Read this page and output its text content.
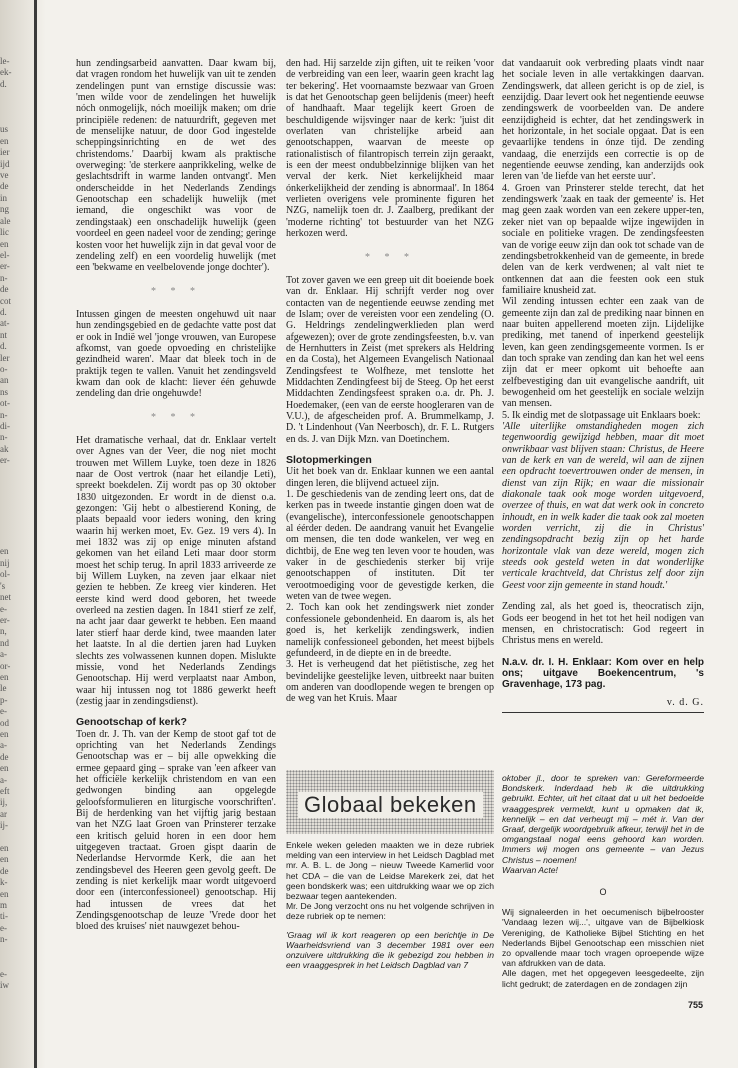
le-
ek-
d.

us
en
ier
ijd
ve
de
in
ng
ale
lic
en
el-
er-
n-
de
cot
d.
at-
nt
d.
ler
o-
an
ns
ot-
n-
di-
n-
ak
er-

en
nij
ol-
's
net
e-
er-
n,
nd
a-
or-
en
le
p-
e-
od
en
a-
de
en
a-
eft
ij,
ar
ij-

en
en
de
k-
en
m
ti-
e-
n-

e-
iw

hun zendingsarbeid aanvatten. Daar kwam bij, dat vragen rondom het huwelijk van uit te zenden zendelingen punt van ernstige discussie was: 'men wilde voor de zendelingen het huwelijk nóch onmogelijk, nóch moeilijk maken; om drie principiële redenen: de natuurdrift, gegeven met de menselijke natuur, de door God ingestelde scheppingsinrichting en de wet des christendoms.' Daarbij kwam als praktische overweging: 'de sterkere aanprikkeling, welke de geslachtsdrift in warme landen ontvangt'. Men onderscheidde in het Nederlands Zendings Genootschap een schadelijk huwelijk (met iemand, die ongeschikt was voor de zendingstaak) een onschadelijk huwelijk (geen voordeel en geen nadeel voor de zending; geringe kosten voor het huwelijk zijn in dat geval voor de zendeling zelf) en een voordelig huwelijk (met een 'bekwame en veelbelovende jonge dochter').

* * *

Intussen gingen de meesten ongehuwd uit naar hun zendingsgebied en de gedachte vatte post dat er ook in Indië wel 'jonge vrouwen, van Europese afkomst, van goede opvoeding en christelijke gezindheid waren'. Maar dat bleek toch in de praktijk tegen te vallen. Vanuit het zendingsveld kwam dan ook de klacht: liever één gehuwde zendeling dan drie ongehuwde!

* * *

Het dramatische verhaal, dat dr. Enklaar vertelt over Agnes van der Veer, die nog niet mocht trouwen met Willem Luyke, toen deze in 1826 naar de Oost vertrok (naar het eilandje Leti), spreekt boekdelen. Zij wordt pas op 30 oktober 1830 uitgezonden. Er wordt in de dienst o.a. gezongen: 'Gij hebt o albestierend Koning, de plaats bepaald voor ieders woning, den kring waarin hij werken moet, Ev. Gez. 19 vers 4). In mei 1832 was zij op enige minuten afstand gekomen van het eiland Leti maar door storm moest het schip terug. In april 1833 arriveerde ze bij Willem Luyken, na zeven jaar elkaar niet gezien te hebben. Ze kreeg vier kinderen. Het eerste kind werd dood geboren, het tweede overleed na zestien dagen. In 1841 stierf ze zelf, na acht jaar daar gewerkt te hebben. Een maand later stierf haar derde kind, twee maanden later het laatste. In al die dertien jaren had Luyken slechts zes volwassenen kunnen dopen. Mislukte missie, vond het Nederlands Zendings Genootschap. Hij werd verplaatst naar Ambon, waar hij intussen nog tot 1886 gewerkt heeft (zestig jaar in zendingsdienst).

Genootschap of kerk?

Toen dr. J. Th. van der Kemp de stoot gaf tot de oprichting van het Nederlands Zendings Genootschap was er – bij alle opwekking die ermee gepaard ging – sprake van 'een afkeer van het officiële kerkelijk christendom en van een gedwongen binding aan opgelegde geloofsformulieren en liturgische voorschriften'. Bij de herdenking van het vijftig jarig bestaan van het NZG laat Groen van Prinsterer terzake een kritisch geluid horen in een door hem uitgegeven tractaat. Groen gispt daarin de Nederlandse Hervormde Kerk, die aan het zendingsbevel des Heeren geen gevolg geeft. De zending is niet kerkelijk maar wordt uitgevoerd door een (interconfessioneel) genootschap. Hij had intussen de vrees dat het Zendingsgenootschap de leuze 'Vrede door het bloed des kruises' niet nauwgezet behou-

den had. Hij sarzelde zijn giften, uit te reiken 'voor de verbreiding van een leer, waarin geen kracht lag ter bekering'. Het voornaamste bezwaar van Groen is dat het Genootschap geen belijdenis (meer) heeft of handhaaft. Maar tegelijk keert Groen de beschuldigende wijsvinger naar de kerk: 'juist dit overlaten van christelijke arbeid aan genootschappen, waarvan de meeste op rationalistisch of filantropisch terrein zijn geraakt, is een der meest ondubbelzinnige blijken van het verval der kerk. Niet kerkelijkheid maar ónkerkelijkheid der zending is abnormaal'. In 1864 verlieten overigens vele prominente figuren het NZG, namelijk toen dr. J. Zaalberg, predikant der 'moderne richting' tot bestuurder van het NZG herkozen werd.

* * *

Tot zover gaven we een greep uit dit boeiende boek van dr. Enklaar. Hij schrijft verder nog over contacten van de negentiende eeuwse zending met de Islam; over de vereisten voor een zendeling (O. G. Heldrings zendelingwerklieden plan werd afgewezen); over de grote zendingsfeesten, b.v. van de Hernhutters in Zeist (met sprekers als Heldring en da Costa), het Algemeen Evangelisch Nationaal Zendingsfeest te Wolfheze, met tenslotte het Middachten Zendingfeest bij de Steeg. Op het eerst Middachten Zendingsfeest spraken o.a. dr. Ph. J. Hoedemaker, (een van de eerste hoogleraren van de V.U.), de afgescheiden prof. A. Brummelkamp, J. D. 't Lindenhout (Van Neerbosch), dr. F. L. Rutgers en ds. J. van Dijk Mzn. van Doetinchem.

Slotopmerkingen

Uit het boek van dr. Enklaar kunnen we een aantal dingen leren, die blijvend actueel zijn.

1. De geschiedenis van de zending leert ons, dat de kerken pas in tweede instantie gingen doen wat de (evangelische), interconfessionele genootschappen al éérder deden. De aandrang vanuit het Evangelie om mensen, die ten dode wankelen, ver weg en dichtbij, de Ene weg ten leven voor te houden, was vaker in de geschiedenis sterker bij vrije genootschappen of instituten. Dit ter verootmoediging voor de gevestigde kerken, die weten van de twee wegen.

2. Toch kan ook het zendingswerk niet zonder confessionele gebondenheid. En daarom is, als het goed is, het kerkelijk zendingswerk, indien namelijk confessioneel gebonden, het meest bijbels gefundeerd, in de diepte en in de breedte.

3. Het is verheugend dat het piëtistische, zeg het bevindelijke geestelijke leven, uitbreekt naar buiten om anderen van doodlopende wegen te brengen op de weg van het Kruis. Maar

dat vandaaruit ook verbreding plaats vindt naar het sociale leven in alle vertakkingen daarvan. Zendingswerk, dat alleen gericht is op de ziel, is eenzijdig. Daar levert ook het negentiende eeuwse zendingswerk de voorbeelden van. De andere eenzijdigheid is echter, dat het zendingswerk in het horizontale, in het sociale opgaat. Dat is een gevaarlijke tendens in ónze tijd. De zending vandaag, die enerzijds een correctie is op de negentiende eeuwse zending, kan anderzijds ook leren van 'de liefde van het eerste uur'.

4. Groen van Prinsterer stelde terecht, dat het zendingswerk 'zaak en taak der gemeente' is. Het mag geen zaak worden van een zekere upper-ten, zeker niet van op bepaalde wijze ingewijden in sociale en politieke vragen. De zendingsfeesten van de vorige eeuw zijn dan ook tot schade van de zendingsbetrokkenheid van de gemeente, in brede delen van de kerk verdwenen; al valt niet te ontkennen dat aan die feesten ook een stuk familiaire knusheid zat.

Wil zending intussen echter een zaak van de gemeente zijn dan zal de prediking naar binnen en naar buiten appellerend moeten zijn. Lijdelijke prediking, met tanend of inperkend geestelijk leven, kan geen zendingsgemeente vormen. Is er dan toch sprake van zending dan kan het wel eens zijn dat er meer opkomt uit behoefte aan zelfbevestiging dan uit evangelische aandrift, uit bewogenheid om het geestelijk en sociale welzijn van mensen.

5. Ik eindig met de slotpassage uit Enklaars boek:

'Alle uiterlijke omstandigheden mogen zich tegenwoordig gewijzigd hebben, maar dit moet onwrikbaar vast blijven staan: Christus, de Heere van de kerk en van de wereld, wil aan de zijnen een opdracht toevertrouwen onder de mensen, in dienst van zijn Rijk; en waar die missionair diakonale taak ook moge worden uitgevoerd, overzee of thuis, en wat dat werk ook in concreto inhoudt, en in welk kader die taak ook zal moeten worden verricht, zij die in Christus' zendingsopdracht bezig zijn op het harde horizontale vlak van deze wereld, mogen zich steeds ook gesteld weten in dat wonderlijke verticale krachtveld, dat Christus zelf door zijn Geest voor zijn gemeente in stand houdt.'

Zending zal, als het goed is, theocratisch zijn, Gods eer beogend in het tot het heil nodigen van mensen, en christocratisch: God regeert in Christus mens en wereld.

N.a.v. dr. I. H. Enklaar: Kom over en help ons; uitgave Boekencentrum, 's Gravenhage, 173 pag.
v. d. G.
Globaal bekeken

Enkele weken geleden maakten we in deze rubriek melding van een interview in het Leidsch Dagblad met mr. A. B. L. de Jong – nieuw Tweede Kamerlid voor het CDA – die van de Leidse Marekerk zei, dat het geen bondskerk was; een uitdrukking waar we op zich bezwaar tegen aantekenden.

Mr. De Jong verzocht ons nu het volgende schrijven in deze rubriek op te nemen:

'Graag wil ik kort reageren op een berichtje in De Waarheidsvriend van 3 december 1981 over een onzuivere uitdrukking die ik gebezigd zou hebben in een vraaggesprek in het Leidsch Dagblad van 7

oktober jl., door te spreken van: Gereformeerde Bondskerk. Inderdaad heb ik die uitdrukking gebruikt. Echter, uit het citaat dat u uit het bedoelde vraaggesprek vermeldt, kunt u opmaken dat ik, kennelijk – en dat verheugt mij – mét ir. Van der Graaf, dergelijk woordgebruik afkeur, terwijl het in de omgangstaal nogal eens gehoord kan worden. Immers wij mogen ons gemeente – van Jezus Christus – noemen!

Waarvan Acte!

O

Wij signaleerden in het oecumenisch bijbelrooster 'Vandaag lezen wij...', uitgave van de Bijbelkiosk Vereniging, de Katholieke Bijbel Stichting en het Nederlands Bijbel Genootschap een misschien niet zo opvallende maar toch vragen oproepende wijze van afdrukken van de data.

Alle dagen, met het opgegeven leesgedeelte, zijn licht gedrukt; de zaterdagen en de zondagen zijn

755
